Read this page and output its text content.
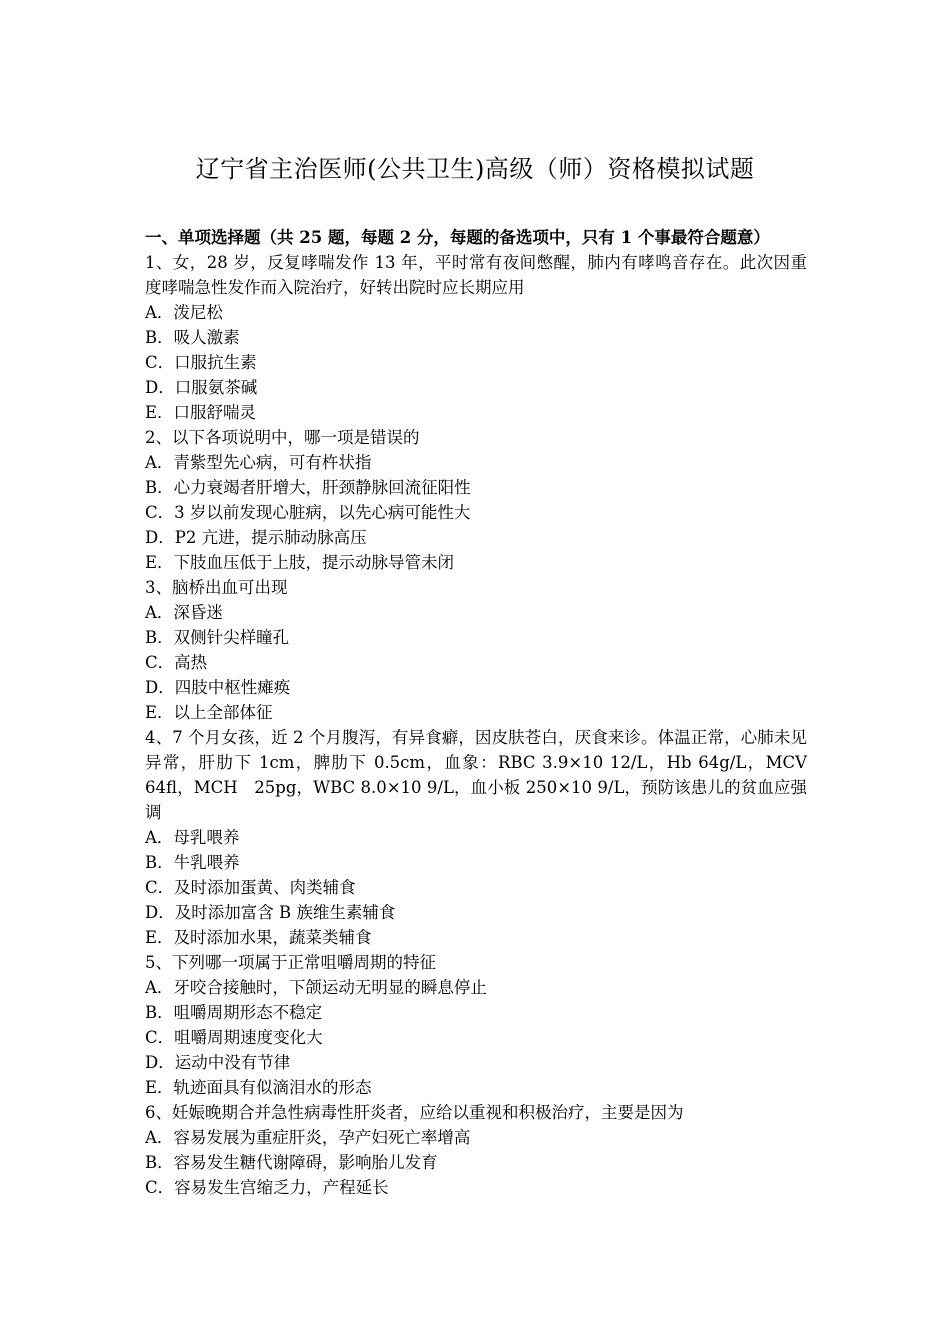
辽宁省主治医师(公共卫生)高级（师）资格模拟试题

一、单项选择题（共 25 题，每题 2 分，每题的备选项中，只有 1 个事最符合题意）

1、女，28 岁，反复哮喘发作 13 年，平时常有夜间憋醒，肺内有哮鸣音存在。此次因重度哮喘急性发作而入院治疗，好转出院时应长期应用

A．泼尼松

B．吸人激素

C．口服抗生素

D．口服氨茶碱

E．口服舒喘灵

2、以下各项说明中，哪一项是错误的

A．青紫型先心病，可有杵状指

B．心力衰竭者肝增大，肝颈静脉回流征阳性

C．3 岁以前发现心脏病，以先心病可能性大

D．P2 亢进，提示肺动脉高压

E．下肢血压低于上肢，提示动脉导管未闭

3、脑桥出血可出现

A．深昏迷

B．双侧针尖样瞳孔

C．高热

D．四肢中枢性瘫痪

E．以上全部体征

4、7 个月女孩，近 2 个月腹泻，有异食癖，因皮肤苍白，厌食来诊。体温正常，心肺未见异常，肝肋下 1cm，脾肋下 0.5cm，血象：RBC 3.9×10 12/L，Hb 64g/L，MCV 64fl，MCH　25pg，WBC 8.0×10 9/L，血小板 250×10 9/L，预防该患儿的贫血应强调

A．母乳喂养

B．牛乳喂养

C．及时添加蛋黄、肉类辅食

D．及时添加富含 B 族维生素辅食

E．及时添加水果，蔬菜类辅食

5、下列哪一项属于正常咀嚼周期的特征

A．牙咬合接触时，下颌运动无明显的瞬息停止

B．咀嚼周期形态不稳定

C．咀嚼周期速度变化大

D．运动中没有节律

E．轨迹面具有似滴泪水的形态

6、妊娠晚期合并急性病毒性肝炎者，应给以重视和积极治疗，主要是因为

A．容易发展为重症肝炎，孕产妇死亡率增高

B．容易发生糖代谢障碍，影响胎儿发育

C．容易发生宫缩乏力，产程延长
